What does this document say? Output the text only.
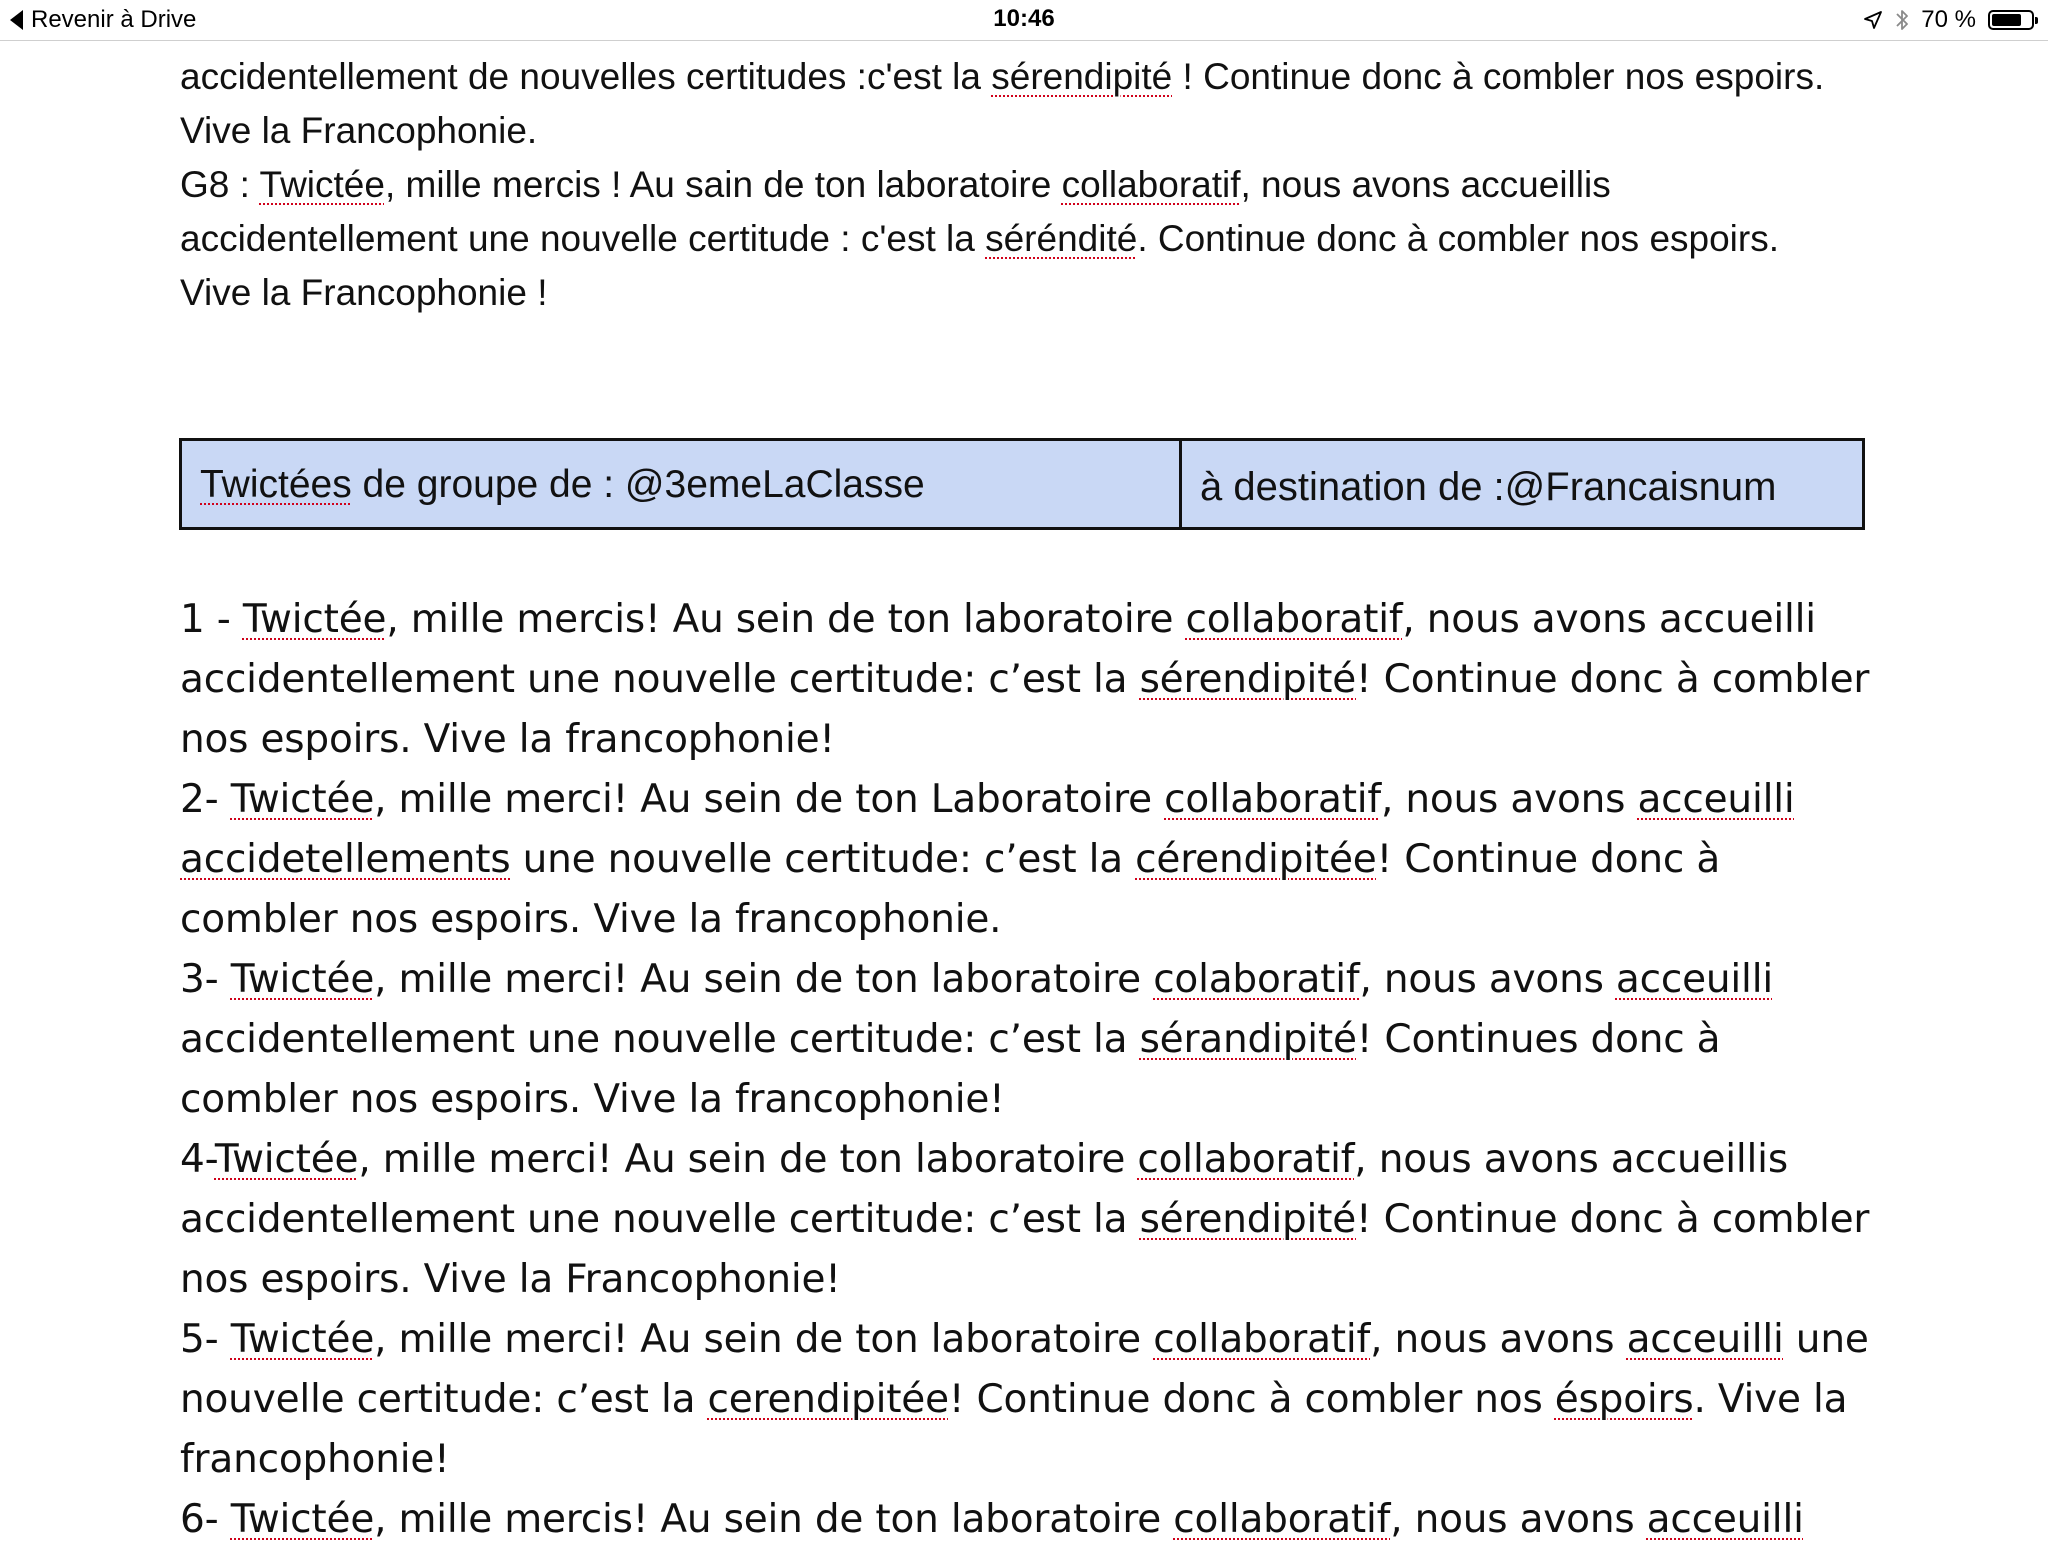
Revenir à Drive	10:46	70 %

accidentellement de nouvelles certitudes :c'est la sérendipité ! Continue donc à combler nos espoirs. Vive la Francophonie.

G8 : Twictée, mille mercis ! Au sain de ton laboratoire collaboratif, nous avons accueillis accidentellement une nouvelle certitude : c'est la séréndité. Continue donc à combler nos espoirs. Vive la Francophonie !

Twictées de groupe de : @3emeLaClasse	à destination de :@Francaisnum

1 - Twictée, mille mercis! Au sein de ton laboratoire collaboratif, nous avons accueilli accidentellement une nouvelle certitude: c’est la sérendipité! Continue donc à combler nos espoirs. Vive la francophonie!

2- Twictée, mille merci! Au sein de ton Laboratoire collaboratif, nous avons acceuilli accidetellements une nouvelle certitude: c’est la cérendipitée! Continue donc à combler nos espoirs. Vive la francophonie.

3- Twictée, mille merci! Au sein de ton laboratoire colaboratif, nous avons acceuilli accidentellement une nouvelle certitude: c’est la sérandipité! Continues donc à combler nos espoirs. Vive la francophonie!

4-Twictée, mille merci! Au sein de ton laboratoire collaboratif, nous avons accueillis accidentellement une nouvelle certitude: c’est la sérendipité! Continue donc à combler nos espoirs. Vive la Francophonie!

5- Twictée, mille merci! Au sein de ton laboratoire collaboratif, nous avons acceuilli une nouvelle certitude: c’est la cerendipitée! Continue donc à combler nos éspoirs. Vive la francophonie!

6- Twictée, mille mercis! Au sein de ton laboratoire collaboratif, nous avons acceuilli
